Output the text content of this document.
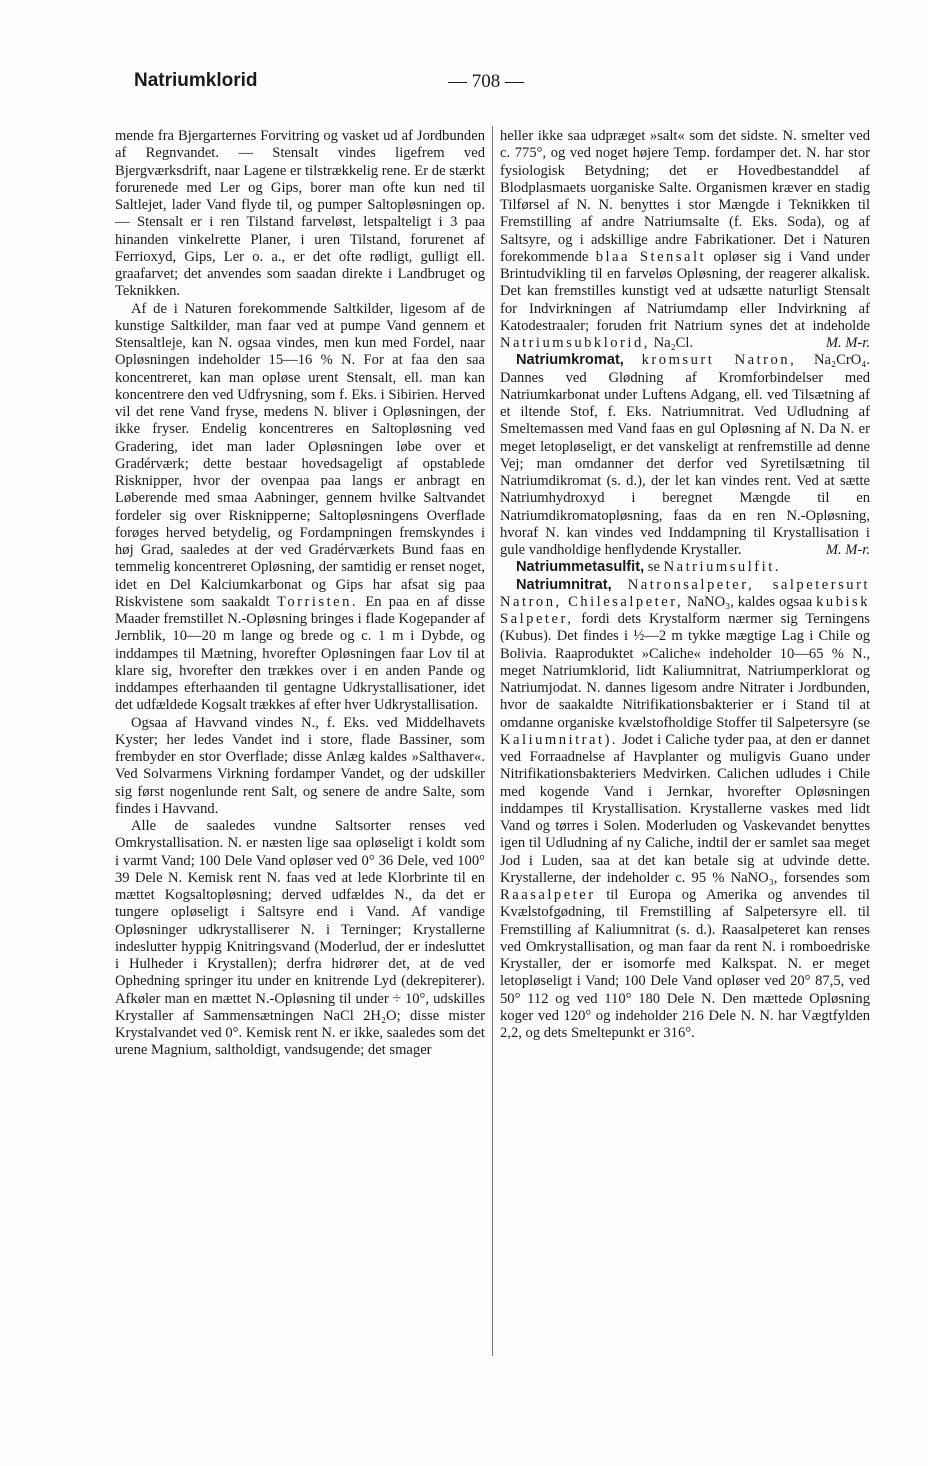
Natriumklorid	— 708 —

mende fra Bjergarternes Forvitring og vasket ud af Jordbunden af Regnvandet. — Stensalt vindes ligefrem ved Bjergværksdrift, naar Lagene er tilstrækkelig rene. Er de stærkt forurenede med Ler og Gips, borer man ofte kun ned til Saltlejet, lader Vand flyde til, og pumper Saltopløsningen op. — Stensalt er i ren Tilstand farveløst, letspalteligt i 3 paa hinanden vinkelrette Planer, i uren Tilstand, forurenet af Ferrioxyd, Gips, Ler o. a., er det ofte rødligt, gulligt ell. graafarvet; det anvendes som saadan direkte i Landbruget og Teknikken.

Af de i Naturen forekommende Saltkilder, ligesom af de kunstige Saltkilder, man faar ved at pumpe Vand gennem et Stensaltleje, kan N. ogsaa vindes, men kun med Fordel, naar Opløsningen indeholder 15—16 % N. For at faa den saa koncentreret, kan man opløse urent Stensalt, ell. man kan koncentrere den ved Udfrysning, som f. Eks. i Sibirien. Herved vil det rene Vand fryse, medens N. bliver i Opløsningen, der ikke fryser. Endelig koncentreres en Saltopløsning ved Gradering, idet man lader Opløsningen løbe over et Gradérværk; dette bestaar hovedsageligt af opstablede Risknipper, hvor der ovenpaa paa langs er anbragt en Løberende med smaa Aabninger, gennem hvilke Saltvandet fordeler sig over Risknipperne; Saltopløsningens Overflade forøges herved betydelig, og Fordampningen fremskyndes i høj Grad, saaledes at der ved Gradérværkets Bund faas en temmelig koncentreret Opløsning, der samtidig er renset noget, idet en Del Kalciumkarbonat og Gips har afsat sig paa Riskvistene som saakaldt Torristen. En paa en af disse Maader fremstillet N.-Opløsning bringes i flade Kogepander af Jernblik, 10—20 m lange og brede og c. 1 m i Dybde, og inddampes til Mætning, hvorefter Opløsningen faar Lov til at klare sig, hvorefter den trækkes over i en anden Pande og inddampes efterhaanden til gentagne Udkrystallisationer, idet det udfældede Kogsalt trækkes af efter hver Udkrystallisation.

Ogsaa af Havvand vindes N., f. Eks. ved Middelhavets Kyster; her ledes Vandet ind i store, flade Bassiner, som frembyder en stor Overflade; disse Anlæg kaldes »Salthaver«. Ved Solvarmens Virkning fordamper Vandet, og der udskiller sig først nogenlunde rent Salt, og senere de andre Salte, som findes i Havvand.

Alle de saaledes vundne Saltsorter renses ved Omkrystallisation. N. er næsten lige saa opløseligt i koldt som i varmt Vand; 100 Dele Vand opløser ved 0° 36 Dele, ved 100° 39 Dele N. Kemisk rent N. faas ved at lede Klorbrinte til en mættet Kogsaltopløsning; derved udfældes N., da det er tungere opløseligt i Saltsyre end i Vand. Af vandige Opløsninger udkrystalliserer N. i Terninger; Krystallerne indeslutter hyppig Knitringsvand (Moderlud, der er indesluttet i Hulheder i Krystallen); derfra hidrører det, at de ved Ophedning springer itu under en knitrende Lyd (dekrepiterer). Afkøler man en mættet N.-Opløsning til under ÷ 10°, udskilles Krystaller af Sammensætningen NaCl 2H₂O; disse mister Krystalvandet ved 0°. Kemisk rent N. er ikke, saaledes som det urene Magnium, saltholdigt, vandsugende; det smager

heller ikke saa udpræget »salt« som det sidste. N. smelter ved c. 775°, og ved noget højere Temp. fordamper det. N. har stor fysiologisk Betydning; det er Hovedbestanddel af Blodplasmaets uorganiske Salte. Organismen kræver en stadig Tilførsel af N. N. benyttes i stor Mængde i Teknikken til Fremstilling af andre Natriumsalte (f. Eks. Soda), og af Saltsyre, og i adskillige andre Fabrikationer. Det i Naturen forekommende blaa Stensalt opløser sig i Vand under Brintudvikling til en farveløs Opløsning, der reagerer alkalisk. Det kan fremstilles kunstigt ved at udsætte naturligt Stensalt for Indvirkningen af Natriumdamp eller Indvirkning af Katodestraaler; foruden frit Natrium synes det at indeholde Natriumsubklorid, Na₂Cl.	M. M-r.

Natriumkromat, kromsurt Natron, Na₂CrO₄. Dannes ved Glødning af Kromforbindelser med Natriumkarbonat under Luftens Adgang, ell. ved Tilsætning af et iltende Stof, f. Eks. Natriumnitrat. Ved Udludning af Smeltemassen med Vand faas en gul Opløsning af N. Da N. er meget letopløseligt, er det vanskeligt at renfremstille ad denne Vej; man omdanner det derfor ved Syretilsætning til Natriumdikromat (s. d.), der let kan vindes rent. Ved at sætte Natriumhydroxyd i beregnet Mængde til en Natriumdikromatopløsning, faas da en ren N.-Opløsning, hvoraf N. kan vindes ved Inddampning til Krystallisation i gule vandholdige henflydende Krystaller.	M. M-r.

Natriummetasulfit, se Natriumsulfit.

Natriumnitrat, Natronsalpeter, salpetersurt Natron, Chilesalpeter, NaNO₃, kaldes ogsaa kubisk Salpeter, fordi dets Krystalform nærmer sig Terningens (Kubus). Det findes i ½—2 m tykke mægtige Lag i Chile og Bolivia. Raaproduktet »Caliche« indeholder 10—65 % N., meget Natriumklorid, lidt Kaliumnitrat, Natriumperklorat og Natriumjodat. N. dannes ligesom andre Nitrater i Jordbunden, hvor de saakaldte Nitrifikationsbakterier er i Stand til at omdanne organiske kvælstofholdige Stoffer til Salpetersyre (se Kaliumnitrat). Jodet i Caliche tyder paa, at den er dannet ved Forraadnelse af Havplanter og muligvis Guano under Nitrifikationsbakteriers Medvirken. Calichen udludes i Chile med kogende Vand i Jernkar, hvorefter Opløsningen inddampes til Krystallisation. Krystallerne vaskes med lidt Vand og tørres i Solen. Moderluden og Vaskevandet benyttes igen til Udludning af ny Caliche, indtil der er samlet saa meget Jod i Luden, saa at det kan betale sig at udvinde dette. Krystallerne, der indeholder c. 95 % NaNO₃, forsendes som Raasalpeter til Europa og Amerika og anvendes til Kvælstofgødning, til Fremstilling af Salpetersyre ell. til Fremstilling af Kaliumnitrat (s. d.). Raasalpeteret kan renses ved Omkrystallisation, og man faar da rent N. i romboedriske Krystaller, der er isomorfe med Kalkspat. N. er meget letopløseligt i Vand; 100 Dele Vand opløser ved 20° 87,5, ved 50° 112 og ved 110° 180 Dele N. Den mættede Opløsning koger ved 120° og indeholder 216 Dele N. N. har Vægtfylden 2,2, og dets Smeltepunkt er 316°.
